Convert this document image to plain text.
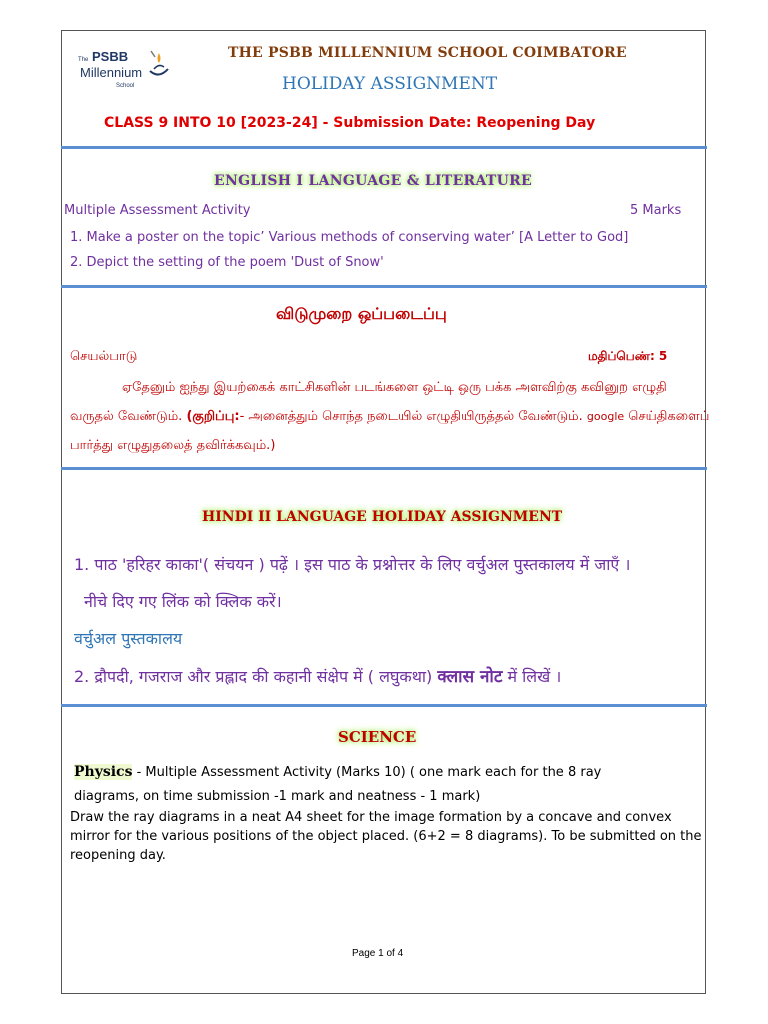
The PSBB
Millennium
School
THE PSBB MILLENNIUM SCHOOL COIMBATORE
HOLIDAY ASSIGNMENT
CLASS 9 INTO 10 [2023-24] - Submission Date: Reopening Day
ENGLISH I LANGUAGE & LITERATURE
Multiple Assessment Activity	5 Marks
1. Make a poster on the topic’ Various methods of conserving water’ [A Letter to God]
2. Depict the setting of the poem 'Dust of Snow'
விடுமுறை ஒப்படைப்பு
செயல்பாடு	மதிப்பெண்: 5
ஏதேனும் ஐந்து இயற்கைக் காட்சிகளின் படங்களை ஒட்டி ஒரு பக்க அளவிற்கு கவினுற எழுதி வருதல் வேண்டும். (குறிப்பு:- அனைத்தும் சொந்த நடையில் எழுதியிருத்தல் வேண்டும். google செய்திகளைப் பார்த்து எழுதுதலைத் தவிர்க்கவும்.)
HINDI II LANGUAGE HOLIDAY ASSIGNMENT
1. पाठ 'हरिहर काका'( संचयन ) पढ़ें । इस पाठ के प्रश्नोत्तर के लिए वर्चुअल पुस्तकालय में जाएँ ।
नीचे दिए गए लिंक को क्लिक करें।
वर्चुअल पुस्तकालय
2. द्रौपदी, गजराज और प्रह्लाद की कहानी संक्षेप में ( लघुकथा) क्लास नोट में लिखें ।
SCIENCE
Physics - Multiple Assessment Activity (Marks 10) ( one mark each for the 8 ray
diagrams, on time submission -1 mark and neatness - 1 mark)
Draw the ray diagrams in a neat A4 sheet for the image formation by a concave and convex mirror for the various positions of the object placed. (6+2 = 8 diagrams). To be submitted on the reopening day.
Page 1 of 4
